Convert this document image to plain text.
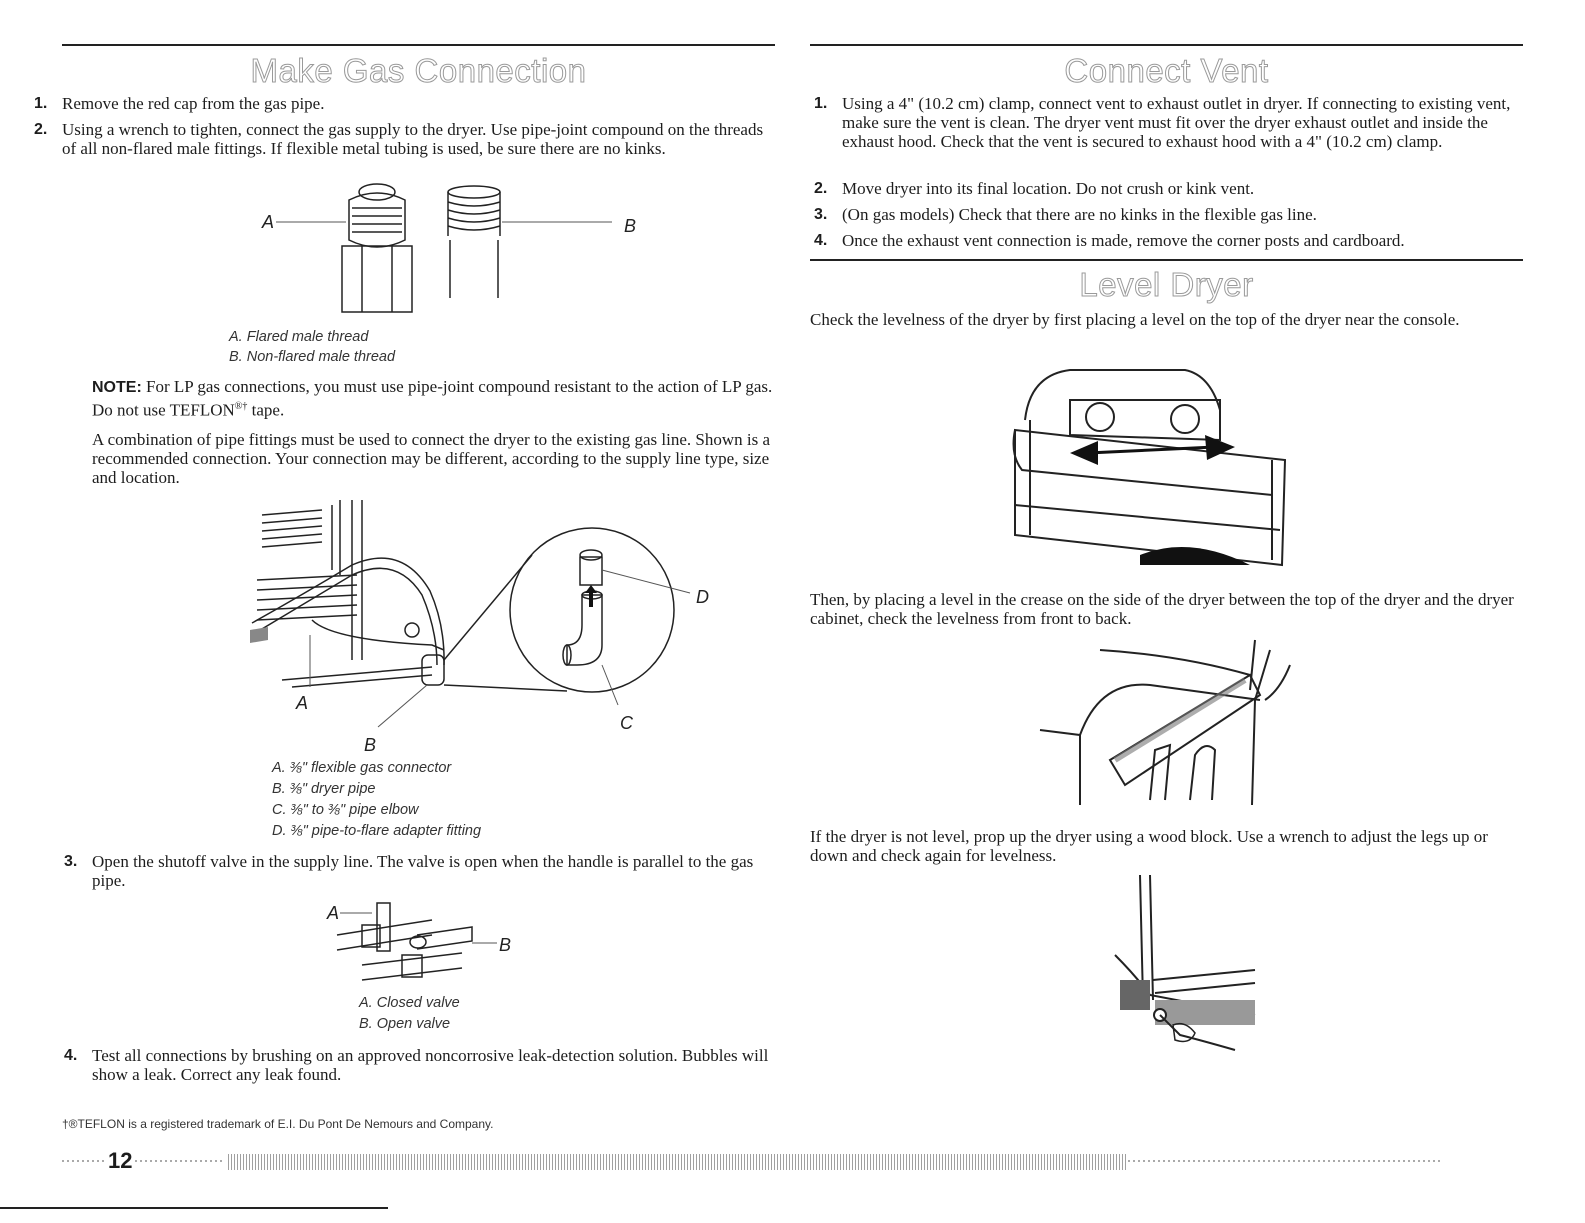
Make Gas Connection
1. Remove the red cap from the gas pipe.
2. Using a wrench to tighten, connect the gas supply to the dryer. Use pipe-joint compound on the threads of all non-flared male fittings. If flexible metal tubing is used, be sure there are no kinks.
A	B
A. Flared male thread
B. Non-flared male thread
NOTE: For LP gas connections, you must use pipe-joint compound resistant to the action of LP gas. Do not use TEFLON®† tape.
A combination of pipe fittings must be used to connect the dryer to the existing gas line. Shown is a recommended connection. Your connection may be different, according to the supply line type, size and location.
D
A
B
C
A. ⅜" flexible gas connector
B. ⅜" dryer pipe
C. ⅜" to ⅜" pipe elbow
D. ⅜" pipe-to-flare adapter fitting
3. Open the shutoff valve in the supply line. The valve is open when the handle is parallel to the gas pipe.
A
B
A. Closed valve
B. Open valve
4. Test all connections by brushing on an approved noncorrosive leak-detection solution. Bubbles will show a leak. Correct any leak found.
Connect Vent
1. Using a 4" (10.2 cm) clamp, connect vent to exhaust outlet in dryer. If connecting to existing vent, make sure the vent is clean. The dryer vent must fit over the dryer exhaust outlet and inside the exhaust hood. Check that the vent is secured to exhaust hood with a 4" (10.2 cm) clamp.
2. Move dryer into its final location. Do not crush or kink vent.
3. (On gas models) Check that there are no kinks in the flexible gas line.
4. Once the exhaust vent connection is made, remove the corner posts and cardboard.
Level Dryer
Check the levelness of the dryer by first placing a level on the top of the dryer near the console.
Then, by placing a level in the crease on the side of the dryer between the top of the dryer and the dryer cabinet, check the levelness from front to back.
If the dryer is not level, prop up the dryer using a wood block. Use a wrench to adjust the legs up or down and check again for levelness.
†®TEFLON is a registered trademark of E.I. Du Pont De Nemours and Company.
12
